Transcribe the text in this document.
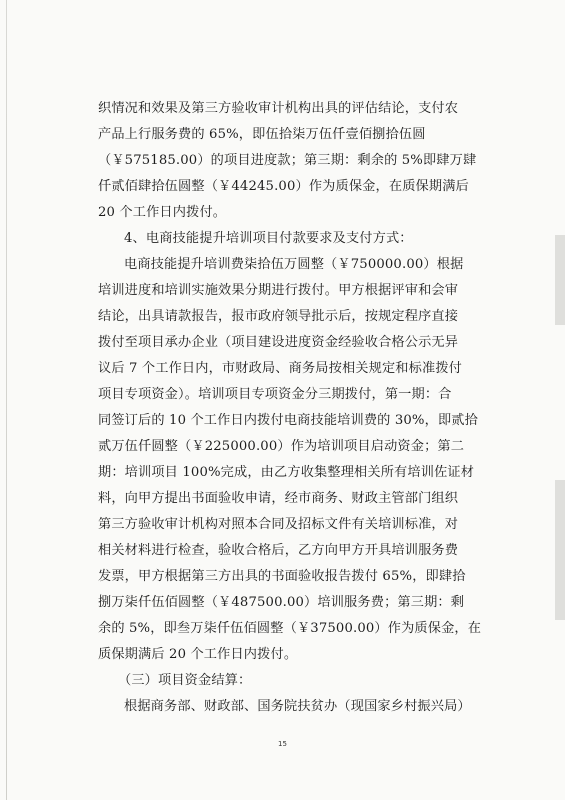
织情况和效果及第三方验收审计机构出具的评估结论，支付农
产品上行服务费的 65%，即伍拾柒万伍仟壹佰捌拾伍圆
（￥575185.00）的项目进度款；第三期：剩余的 5%即肆万肆
仟贰佰肆拾伍圆整（￥44245.00）作为质保金，在质保期满后
20 个工作日内拨付。
4、电商技能提升培训项目付款要求及支付方式：
电商技能提升培训费柒拾伍万圆整（￥750000.00）根据
培训进度和培训实施效果分期进行拨付。甲方根据评审和会审
结论，出具请款报告，报市政府领导批示后，按规定程序直接
拨付至项目承办企业（项目建设进度资金经验收合格公示无异
议后 7 个工作日内，市财政局、商务局按相关规定和标准拨付
项目专项资金）。培训项目专项资金分三期拨付，第一期：合
同签订后的 10 个工作日内拨付电商技能培训费的 30%，即贰拾
贰万伍仟圆整（￥225000.00）作为培训项目启动资金；第二
期：培训项目 100%完成，由乙方收集整理相关所有培训佐证材
料，向甲方提出书面验收申请，经市商务、财政主管部门组织
第三方验收审计机构对照本合同及招标文件有关培训标准，对
相关材料进行检查，验收合格后，乙方向甲方开具培训服务费
发票，甲方根据第三方出具的书面验收报告拨付 65%，即肆拾
捌万柒仟伍佰圆整（￥487500.00）培训服务费；第三期：剩
余的 5%，即叁万柒仟伍佰圆整（￥37500.00）作为质保金，在
质保期满后 20 个工作日内拨付。
（三）项目资金结算：
根据商务部、财政部、国务院扶贫办（现国家乡村振兴局）
15
